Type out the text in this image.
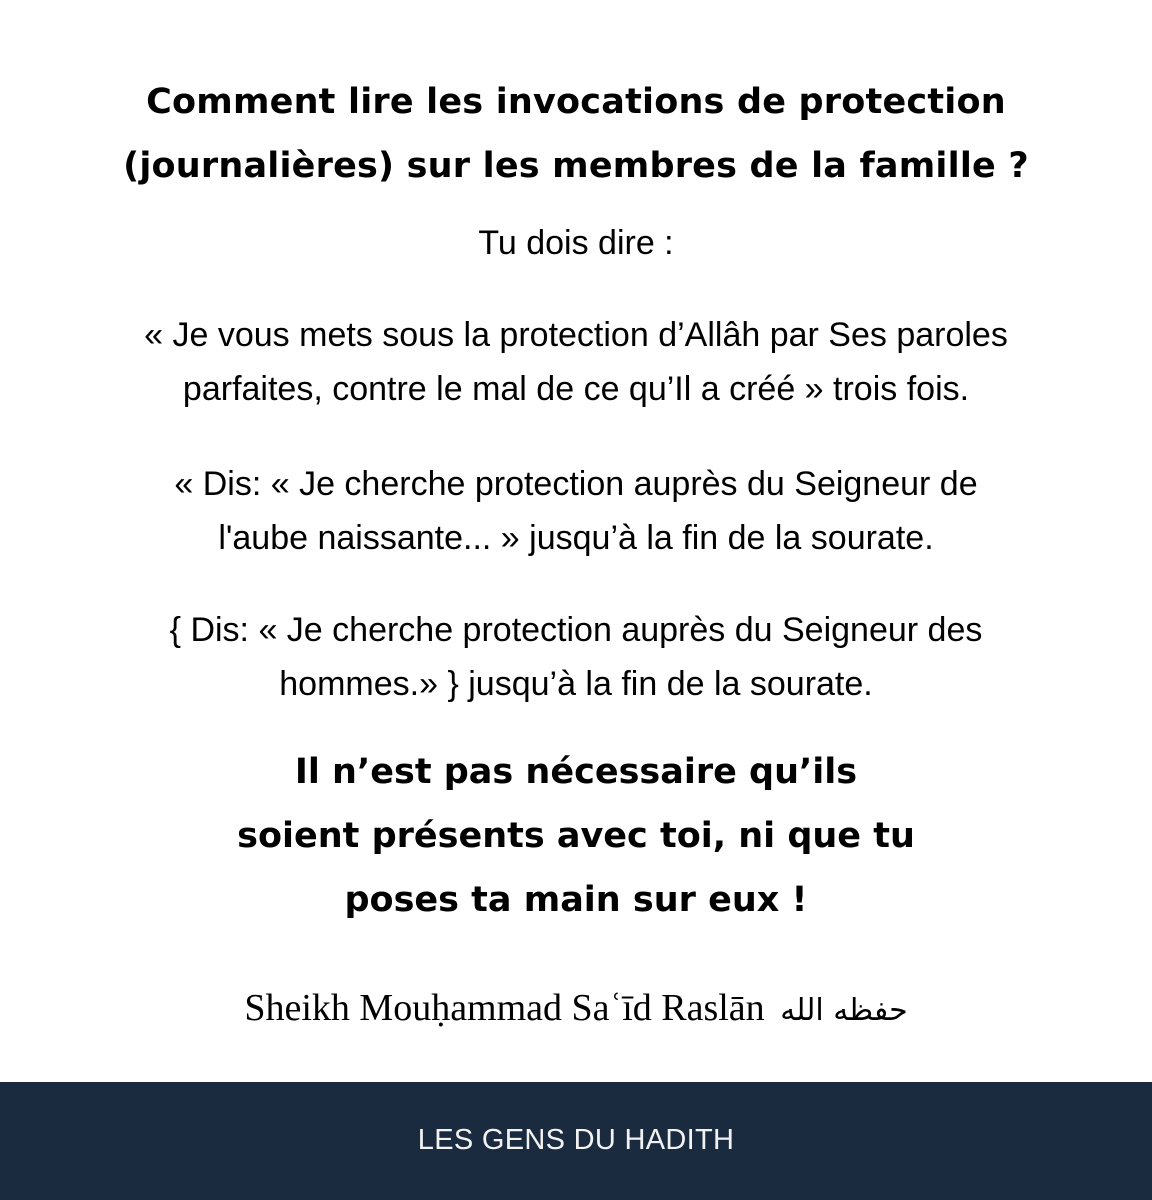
Comment lire les invocations de protection
(journalières) sur les membres de la famille ?

Tu dois dire :

« Je vous mets sous la protection d’Allâh par Ses paroles
parfaites, contre le mal de ce qu’Il a créé » trois fois.

« Dis: « Je cherche protection auprès du Seigneur de
l'aube naissante... » jusqu’à la fin de la sourate.

{ Dis: « Je cherche protection auprès du Seigneur des
hommes.» } jusqu’à la fin de la sourate.

Il n’est pas nécessaire qu’ils
soient présents avec toi, ni que tu
poses ta main sur eux !

Sheikh Mouḥammad Saʿīd Raslān حفظه الله

LES GENS DU HADITH
